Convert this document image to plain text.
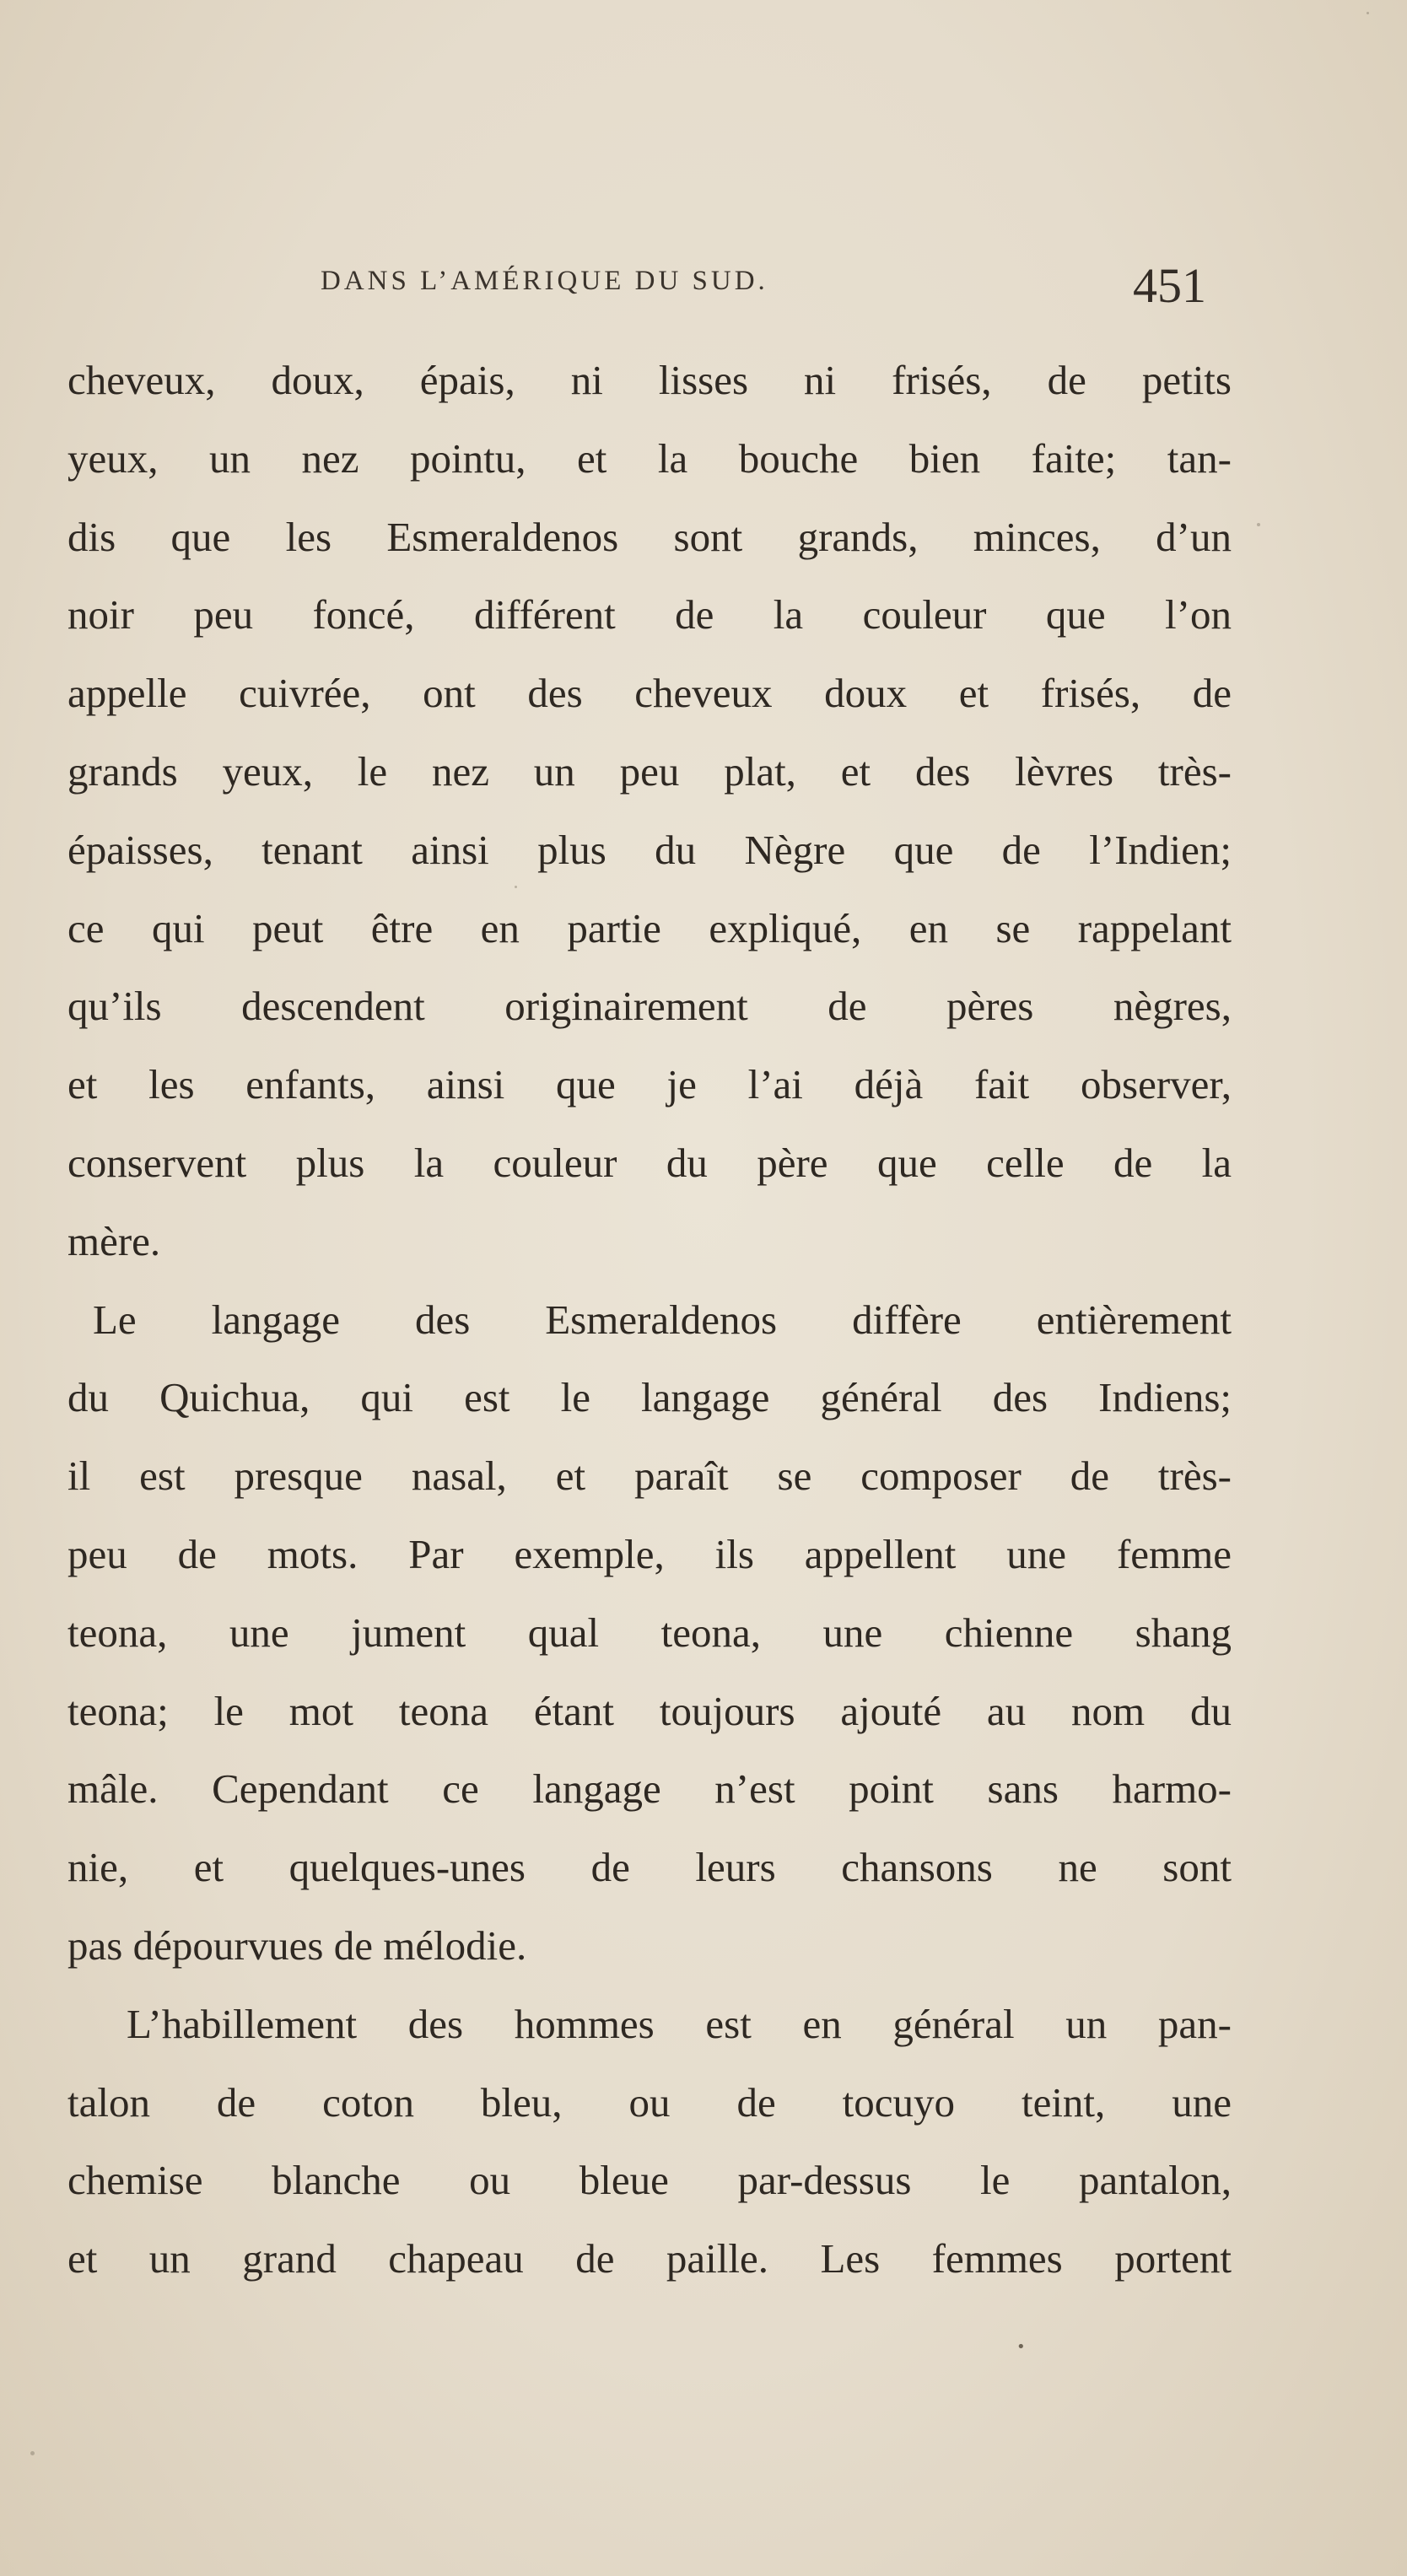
DANS L’AMÉRIQUE DU SUD.	451

cheveux, doux, épais, ni lisses ni frisés, de petits
yeux, un nez pointu, et la bouche bien faite; tan-
dis que les Esmeraldenos sont grands, minces, d’un
noir peu foncé, différent de la couleur que l’on
appelle cuivrée, ont des cheveux doux et frisés, de
grands yeux, le nez un peu plat, et des lèvres très-
épaisses, tenant ainsi plus du Nègre que de l’Indien;
ce qui peut être en partie expliqué, en se rappelant
qu’ils descendent originairement de pères nègres,
et les enfants, ainsi que je l’ai déjà fait observer,
conservent plus la couleur du père que celle de la
mère.

Le langage des Esmeraldenos diffère entièrement
du Quichua, qui est le langage général des Indiens;
il est presque nasal, et paraît se composer de très-
peu de mots. Par exemple, ils appellent une femme
teona, une jument qual teona, une chienne shang
teona; le mot teona étant toujours ajouté au nom du
mâle. Cependant ce langage n’est point sans harmo-
nie, et quelques-unes de leurs chansons ne sont
pas dépourvues de mélodie.

L’habillement des hommes est en général un pan-
talon de coton bleu, ou de tocuyo teint, une
chemise blanche ou bleue par-dessus le pantalon,
et un grand chapeau de paille. Les femmes portent

•
